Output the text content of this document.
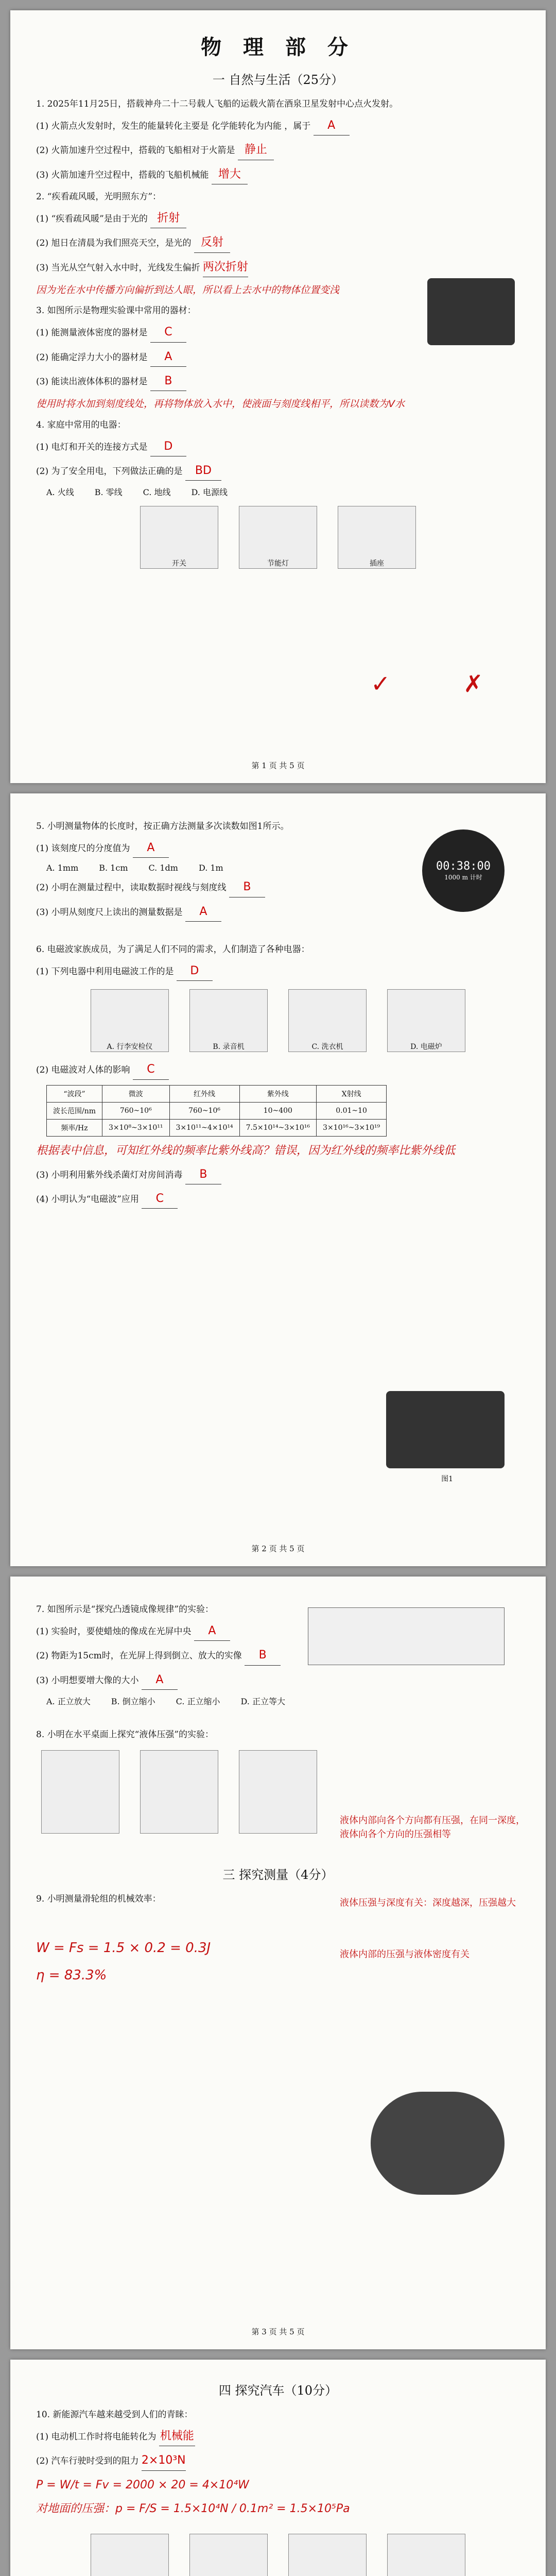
物 理 部 分
一 自然与生活（25分）
1. 2025年11月25日，搭载神舟二十二号载人飞船的运载火箭在酒泉卫星发射中心点火发射。
(1) 火箭点火发射时，发生的能量转化主要是 化学能转化为内能 ，属于 A
(2) 火箭加速升空过程中，搭载的飞船相对于火箭是 静止
(3) 火箭加速升空过程中，搭载的飞船机械能 增大
2. “疾看疏风暖，光明照东方”：
(1) “疾看疏风暖”是由于光的 折射
(2) 旭日在清晨为我们照亮天空，是光的 反射
(3) 当光从空气射入水中时，光线发生偏折 两次折射
因为光在水中传播方向偏折到达人眼，所以看上去水中的物体位置变浅
3. 如图所示是物理实验课中常用的器材：
(1) 能测量液体密度的器材是 C
(2) 能确定浮力大小的器材是 A
(3) 能读出液体体积的器材是 B
使用时将水加到刻度线处，再将物体放入水中，使液面与刻度线相平，所以读数为V水
4. 家庭中常用的电器：
(1) 电灯和开关的连接方式是 D
(2) 为了安全用电，下列做法正确的是 BD
A. 火线	B. 零线	C. 地线	D. 电源线
开关	节能灯	插座
✓	✗
第 1 页 共 5 页
5. 小明测量物体的长度时，按正确方法测量多次读数如图1所示。
00:38:00
1000 m 计时
(1) 该刻度尺的分度值为 A
A. 1mm	B. 1cm	C. 1dm	D. 1m
(2) 小明在测量过程中，读取数据时视线与刻度线 B
(3) 小明从刻度尺上读出的测量数据是 A
6. 电磁波家族成员，为了满足人们不同的需求，人们制造了各种电器：
(1) 下列电器中利用电磁波工作的是 D
A. 行李安检仪	B. 录音机	C. 洗衣机	D. 电磁炉
(2) 电磁波对人体的影响 C
“波段”	微波	红外线	紫外线	X射线
波长范围/nm	760~10⁶	760~10⁶	10~400	0.01~10
频率/Hz	3×10⁸~3×10¹¹	3×10¹¹~4×10¹⁴	7.5×10¹⁴~3×10¹⁶	3×10¹⁶~3×10¹⁹
根据表中信息，可知红外线的频率比紫外线高？错误，因为红外线的频率比紫外线低
(3) 小明利用紫外线杀菌灯对房间消毒 B
(4) 小明认为“电磁波”应用 C
图1
第 2 页 共 5 页
7. 如图所示是“探究凸透镜成像规律”的实验：
(1) 实验时，要使蜡烛的像成在光屏中央 A
(2) 物距为15cm时，在光屏上得到倒立、放大的实像 B
(3) 小明想要增大像的大小 A
A. 正立放大	B. 倒立缩小	C. 正立缩小	D. 正立等大
8. 小明在水平桌面上探究“液体压强”的实验：
液体内部向各个方向都有压强，在同一深度，液体向各个方向的压强相等
液体压强与深度有关：深度越深，压强越大
液体内部的压强与液体密度有关
三 探究测量（4分）
9. 小明测量滑轮组的机械效率：
W = Fs = 1.5 × 0.2 = 0.3J
η = 83.3%
第 3 页 共 5 页
四 探究汽车（10分）
10. 新能源汽车越来越受到人们的青睐：
(1) 电动机工作时将电能转化为 机械能
(2) 汽车行驶时受到的阻力 2×10³N
P = W/t = Fv = 2000 × 20 = 4×10⁴W
对地面的压强：p = F/S = 1.5×10⁴N / 0.1m² = 1.5×10⁵Pa
